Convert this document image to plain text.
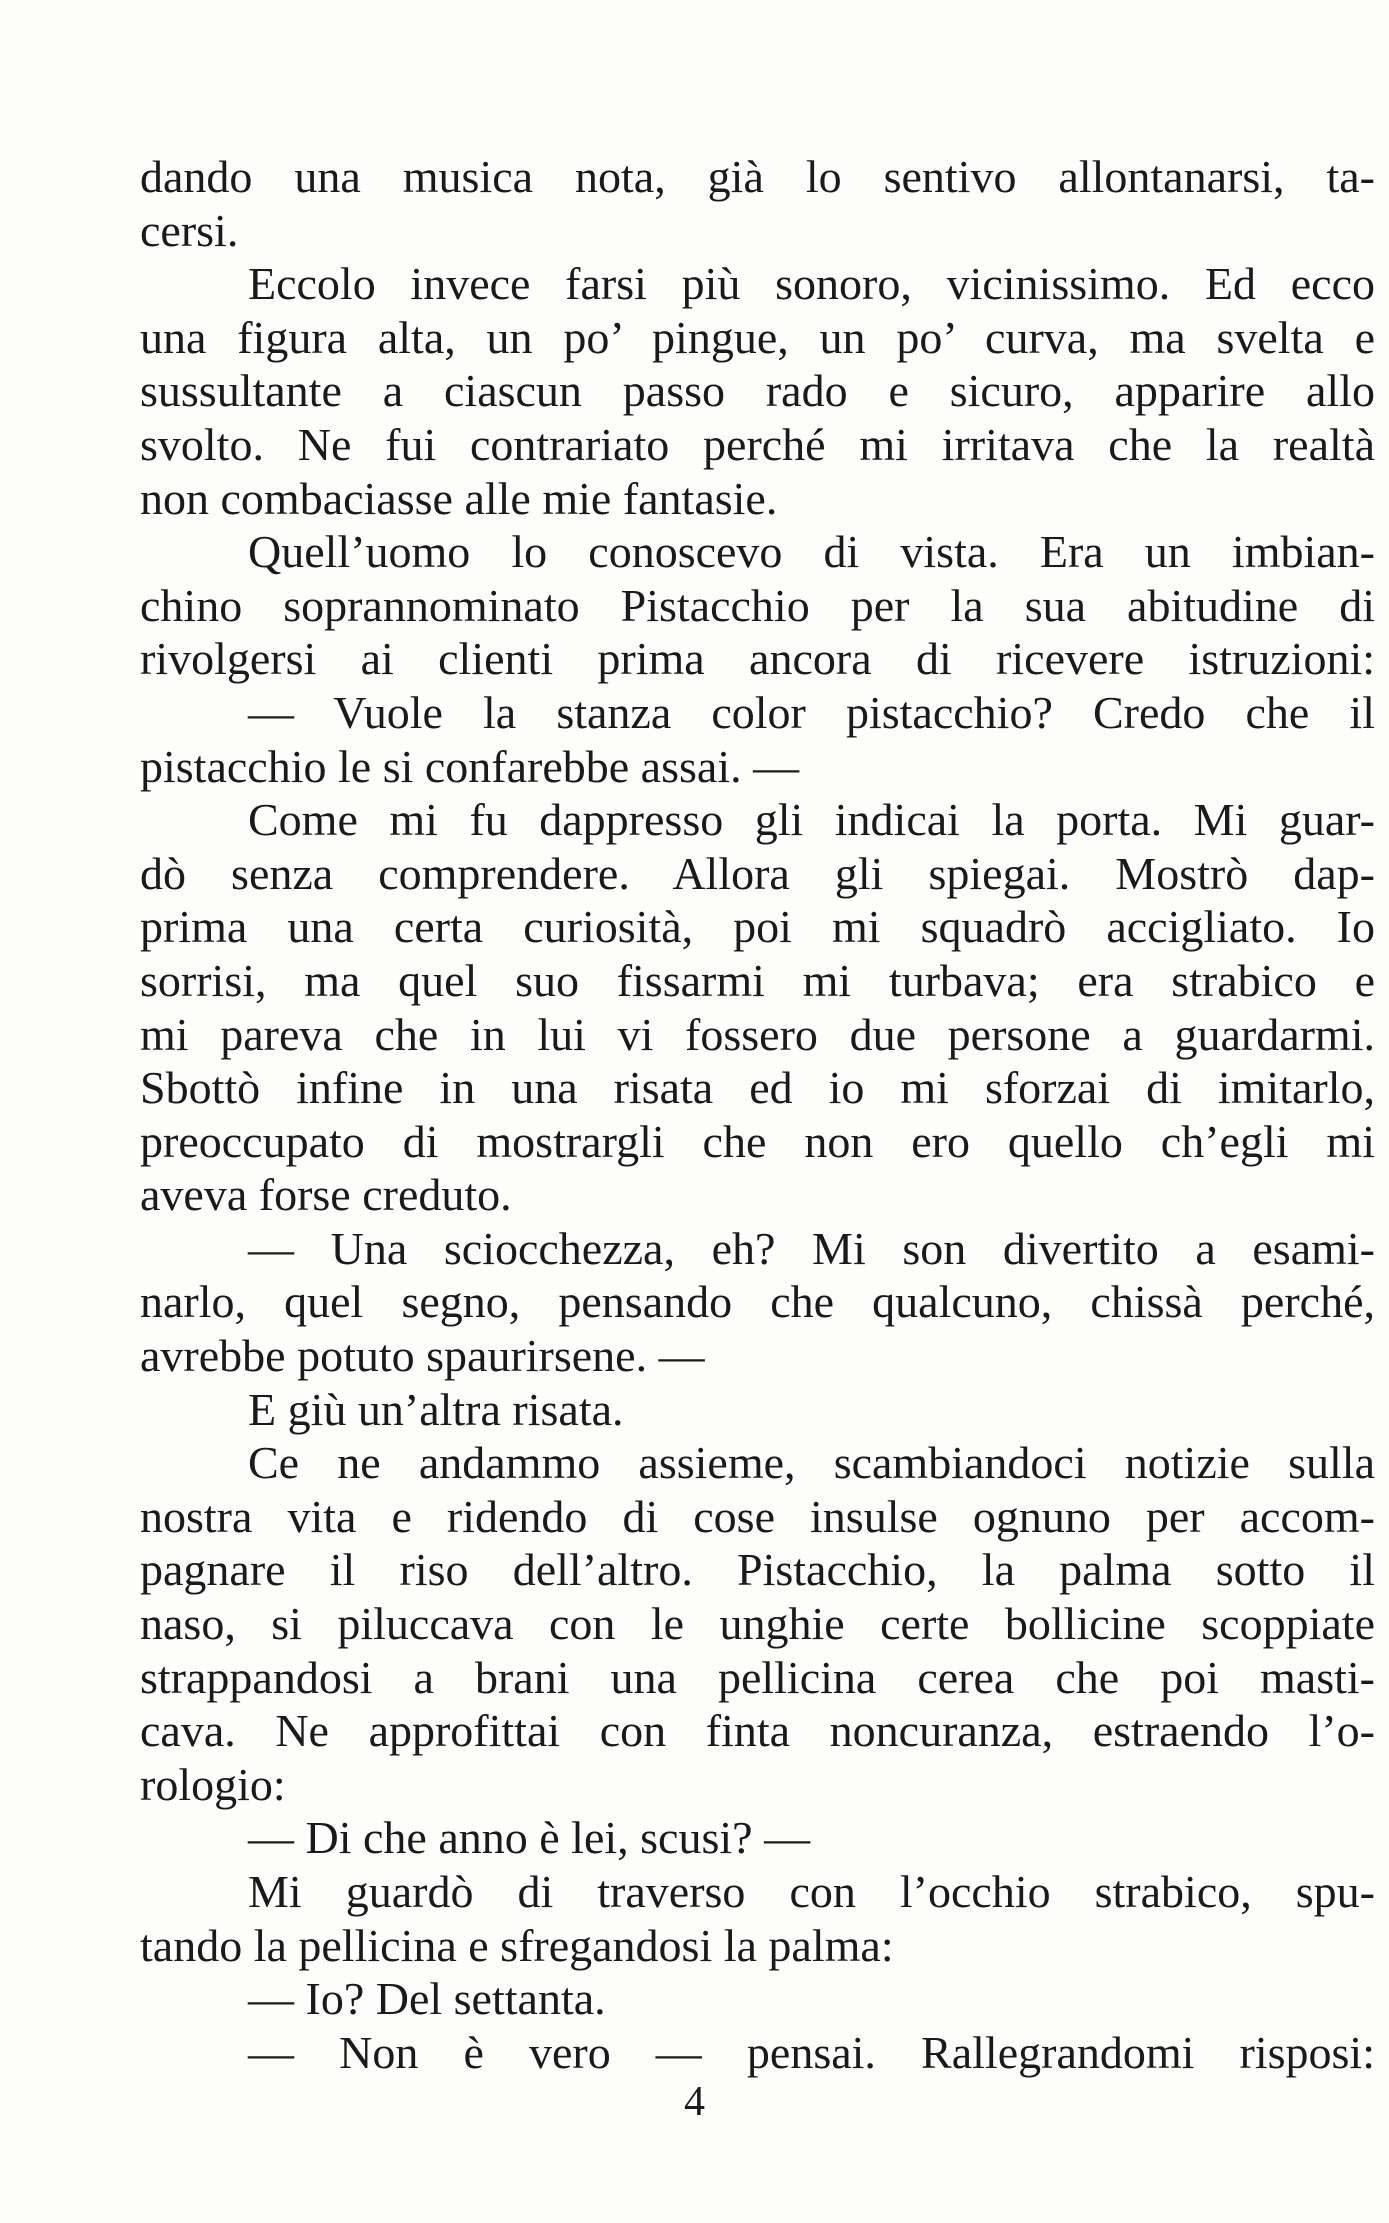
dando una musica nota, già lo sentivo allontanarsi, ta-
cersi.
Eccolo invece farsi più sonoro, vicinissimo. Ed ecco
una figura alta, un po’ pingue, un po’ curva, ma svelta e
sussultante a ciascun passo rado e sicuro, apparire allo
svolto. Ne fui contrariato perché mi irritava che la realtà
non combaciasse alle mie fantasie.
Quell’uomo lo conoscevo di vista. Era un imbian-
chino soprannominato Pistacchio per la sua abitudine di
rivolgersi ai clienti prima ancora di ricevere istruzioni:
— Vuole la stanza color pistacchio? Credo che il
pistacchio le si confarebbe assai. —
Come mi fu dappresso gli indicai la porta. Mi guar-
dò senza comprendere. Allora gli spiegai. Mostrò dap-
prima una certa curiosità, poi mi squadrò accigliato. Io
sorrisi, ma quel suo fissarmi mi turbava; era strabico e
mi pareva che in lui vi fossero due persone a guardarmi.
Sbottò infine in una risata ed io mi sforzai di imitarlo,
preoccupato di mostrargli che non ero quello ch’egli mi
aveva forse creduto.
— Una sciocchezza, eh? Mi son divertito a esami-
narlo, quel segno, pensando che qualcuno, chissà perché,
avrebbe potuto spaurirsene. —
E giù un’altra risata.
Ce ne andammo assieme, scambiandoci notizie sulla
nostra vita e ridendo di cose insulse ognuno per accom-
pagnare il riso dell’altro. Pistacchio, la palma sotto il
naso, si piluccava con le unghie certe bollicine scoppiate
strappandosi a brani una pellicina cerea che poi masti-
cava. Ne approfittai con finta noncuranza, estraendo l’o-
rologio:
— Di che anno è lei, scusi? —
Mi guardò di traverso con l’occhio strabico, spu-
tando la pellicina e sfregandosi la palma:
— Io? Del settanta.
— Non è vero — pensai. Rallegrandomi risposi:
4
